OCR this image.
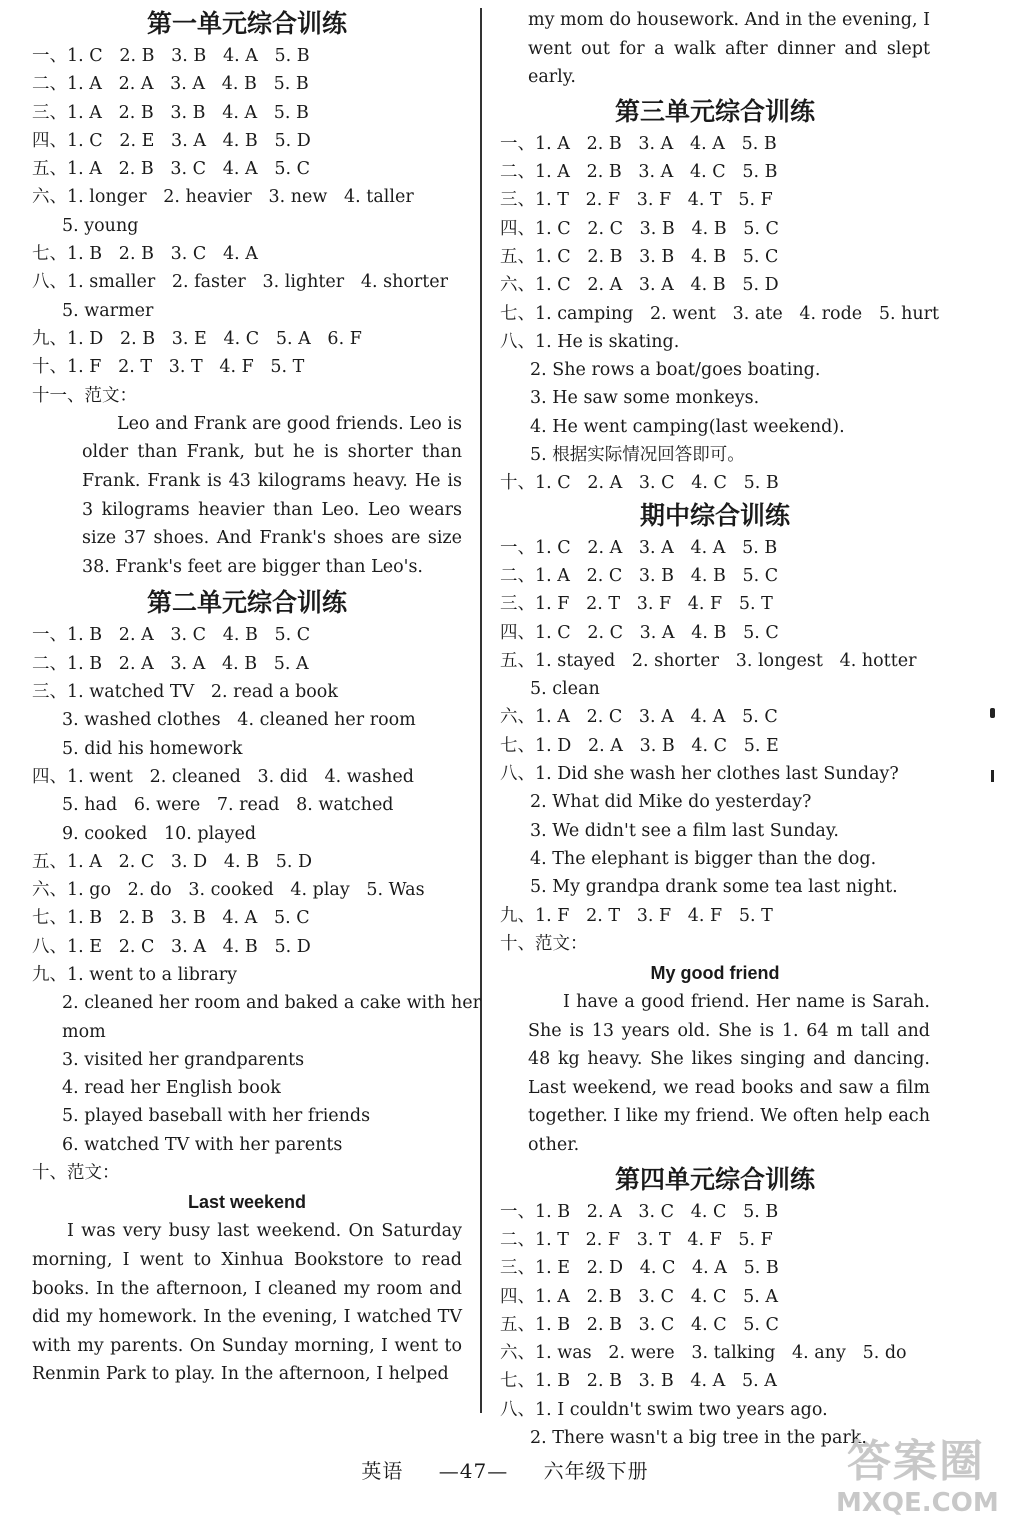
第一单元综合训练
一、1. C   2. B   3. B   4. A   5. B
二、1. A   2. A   3. A   4. B   5. B
三、1. A   2. B   3. B   4. A   5. B
四、1. C   2. E   3. A   4. B   5. D
五、1. A   2. B   3. C   4. A   5. C
六、1. longer   2. heavier   3. new   4. taller
5. young
七、1. B   2. B   3. C   4. A
八、1. smaller   2. faster   3. lighter   4. shorter
5. warmer
九、1. D   2. B   3. E   4. C   5. A   6. F
十、1. F   2. T   3. T   4. F   5. T
十一、范文：
Leo and Frank are good friends. Leo is older than Frank, but he is shorter than Frank. Frank is 43 kilograms heavy. He is 3 kilograms heavier than Leo. Leo wears size 37 shoes. And Frank's shoes are size 38. Frank's feet are bigger than Leo's.
第二单元综合训练
一、1. B   2. A   3. C   4. B   5. C
二、1. B   2. A   3. A   4. B   5. A
三、1. watched TV   2. read a book
3. washed clothes   4. cleaned her room
5. did his homework
四、1. went   2. cleaned   3. did   4. washed
5. had   6. were   7. read   8. watched
9. cooked   10. played
五、1. A   2. C   3. D   4. B   5. D
六、1. go   2. do   3. cooked   4. play   5. Was
七、1. B   2. B   3. B   4. A   5. C
八、1. E   2. C   3. A   4. B   5. D
九、1. went to a library
2. cleaned her room and baked a cake with her
mom
3. visited her grandparents
4. read her English book
5. played baseball with her friends
6. watched TV with her parents
十、范文：
Last weekend
I was very busy last weekend. On Saturday morning, I went to Xinhua Bookstore to read books. In the afternoon, I cleaned my room and did my homework. In the evening, I watched TV with my parents. On Sunday morning, I went to Renmin Park to play. In the afternoon, I helped
my mom do housework. And in the evening, I went out for a walk after dinner and slept early.
第三单元综合训练
一、1. A   2. B   3. A   4. A   5. B
二、1. A   2. B   3. A   4. C   5. B
三、1. T   2. F   3. F   4. T   5. F
四、1. C   2. C   3. B   4. B   5. C
五、1. C   2. B   3. B   4. B   5. C
六、1. C   2. A   3. A   4. B   5. D
七、1. camping   2. went   3. ate   4. rode   5. hurt
八、1. He is skating.
2. She rows a boat/goes boating.
3. He saw some monkeys.
4. He went camping(last weekend).
5. 根据实际情况回答即可。
十、1. C   2. A   3. C   4. C   5. B
期中综合训练
一、1. C   2. A   3. A   4. A   5. B
二、1. A   2. C   3. B   4. B   5. C
三、1. F   2. T   3. F   4. F   5. T
四、1. C   2. C   3. A   4. B   5. C
五、1. stayed   2. shorter   3. longest   4. hotter
5. clean
六、1. A   2. C   3. A   4. A   5. C
七、1. D   2. A   3. B   4. C   5. E
八、1. Did she wash her clothes last Sunday?
2. What did Mike do yesterday?
3. We didn't see a film last Sunday.
4. The elephant is bigger than the dog.
5. My grandpa drank some tea last night.
九、1. F   2. T   3. F   4. F   5. T
十、范文：
My good friend
I have a good friend. Her name is Sarah. She is 13 years old. She is 1. 64 m tall and 48 kg heavy. She likes singing and dancing. Last weekend, we read books and saw a film together. I like my friend. We often help each other.
第四单元综合训练
一、1. B   2. A   3. C   4. C   5. B
二、1. T   2. F   3. T   4. F   5. F
三、1. E   2. D   4. C   4. A   5. B
四、1. A   2. B   3. C   4. C   5. A
五、1. B   2. B   3. C   4. C   5. C
六、1. was   2. were   3. talking   4. any   5. do
七、1. B   2. B   3. B   4. A   5. A
八、1. I couldn't swim two years ago.
2. There wasn't a big tree in the park.
英语 —47— 六年级下册	答案圈
MXQE.COM
